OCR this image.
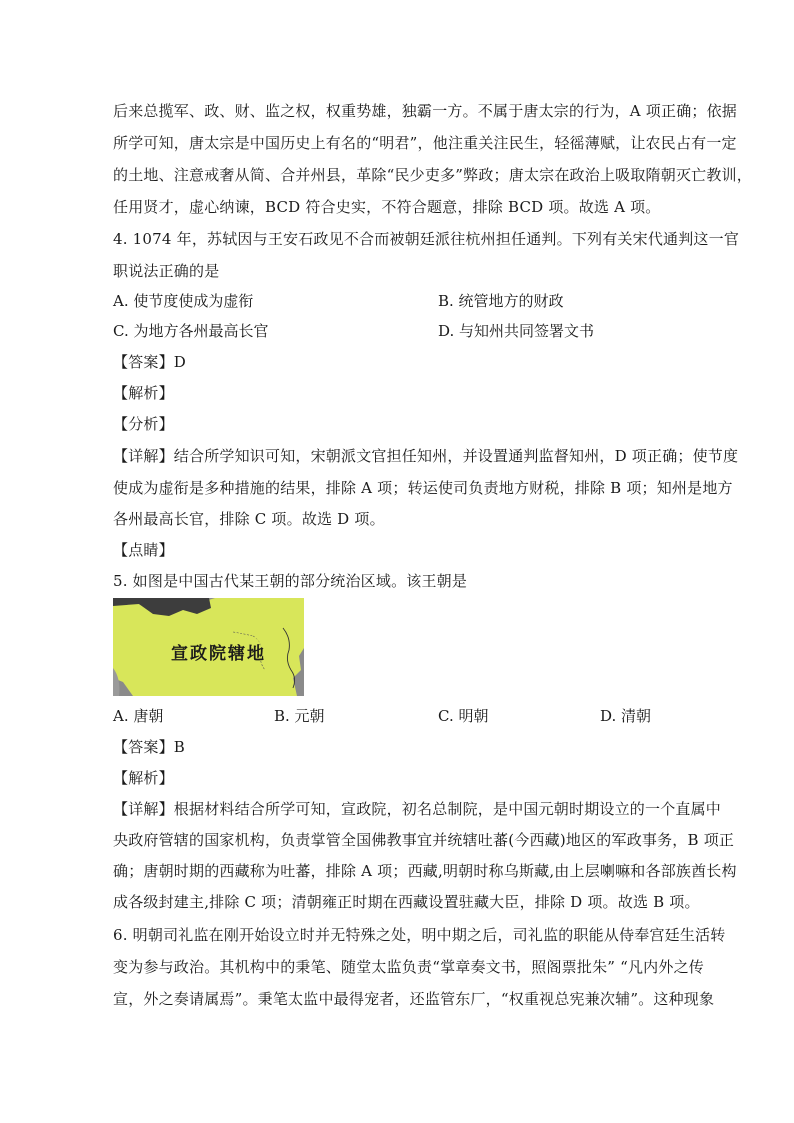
后来总揽军、政、财、监之权，权重势雄，独霸一方。不属于唐太宗的行为，A 项正确；依据
所学可知，唐太宗是中国历史上有名的“明君”，他注重关注民生，轻徭薄赋，让农民占有一定
的土地、注意戒奢从简、合并州县，革除“民少吏多”弊政；唐太宗在政治上吸取隋朝灭亡教训，
任用贤才，虚心纳谏，BCD 符合史实，不符合题意，排除 BCD 项。故选 A 项。
4. 1074 年，苏轼因与王安石政见不合而被朝廷派往杭州担任通判。下列有关宋代通判这一官
职说法正确的是
A. 使节度使成为虚衔	B. 统管地方的财政
C. 为地方各州最高长官	D. 与知州共同签署文书
【答案】D
【解析】
【分析】
【详解】结合所学知识可知，宋朝派文官担任知州，并设置通判监督知州，D 项正确；使节度
使成为虚衔是多种措施的结果，排除 A 项；转运使司负责地方财税，排除 B 项；知州是地方
各州最高长官，排除 C 项。故选 D 项。
【点睛】
5. 如图是中国古代某王朝的部分统治区域。该王朝是
宣政院辖地
A. 唐朝	B. 元朝	C. 明朝	D. 清朝
【答案】B
【解析】
【详解】根据材料结合所学可知，宣政院，初名总制院，是中国元朝时期设立的一个直属中
央政府管辖的国家机构，负责掌管全国佛教事宜并统辖吐蕃(今西藏)地区的军政事务，B 项正
确；唐朝时期的西藏称为吐蕃，排除 A 项；西藏,明朝时称乌斯藏,由上层喇嘛和各部族酋长构
成各级封建主,排除 C 项；清朝雍正时期在西藏设置驻藏大臣，排除 D 项。故选 B 项。
6. 明朝司礼监在刚开始设立时并无特殊之处，明中期之后，司礼监的职能从侍奉宫廷生活转
变为参与政治。其机构中的秉笔、随堂太监负责“掌章奏文书，照阁票批朱” “凡内外之传
宣，外之奏请属焉”。秉笔太监中最得宠者，还监管东厂，“权重视总宪兼次辅”。这种现象
